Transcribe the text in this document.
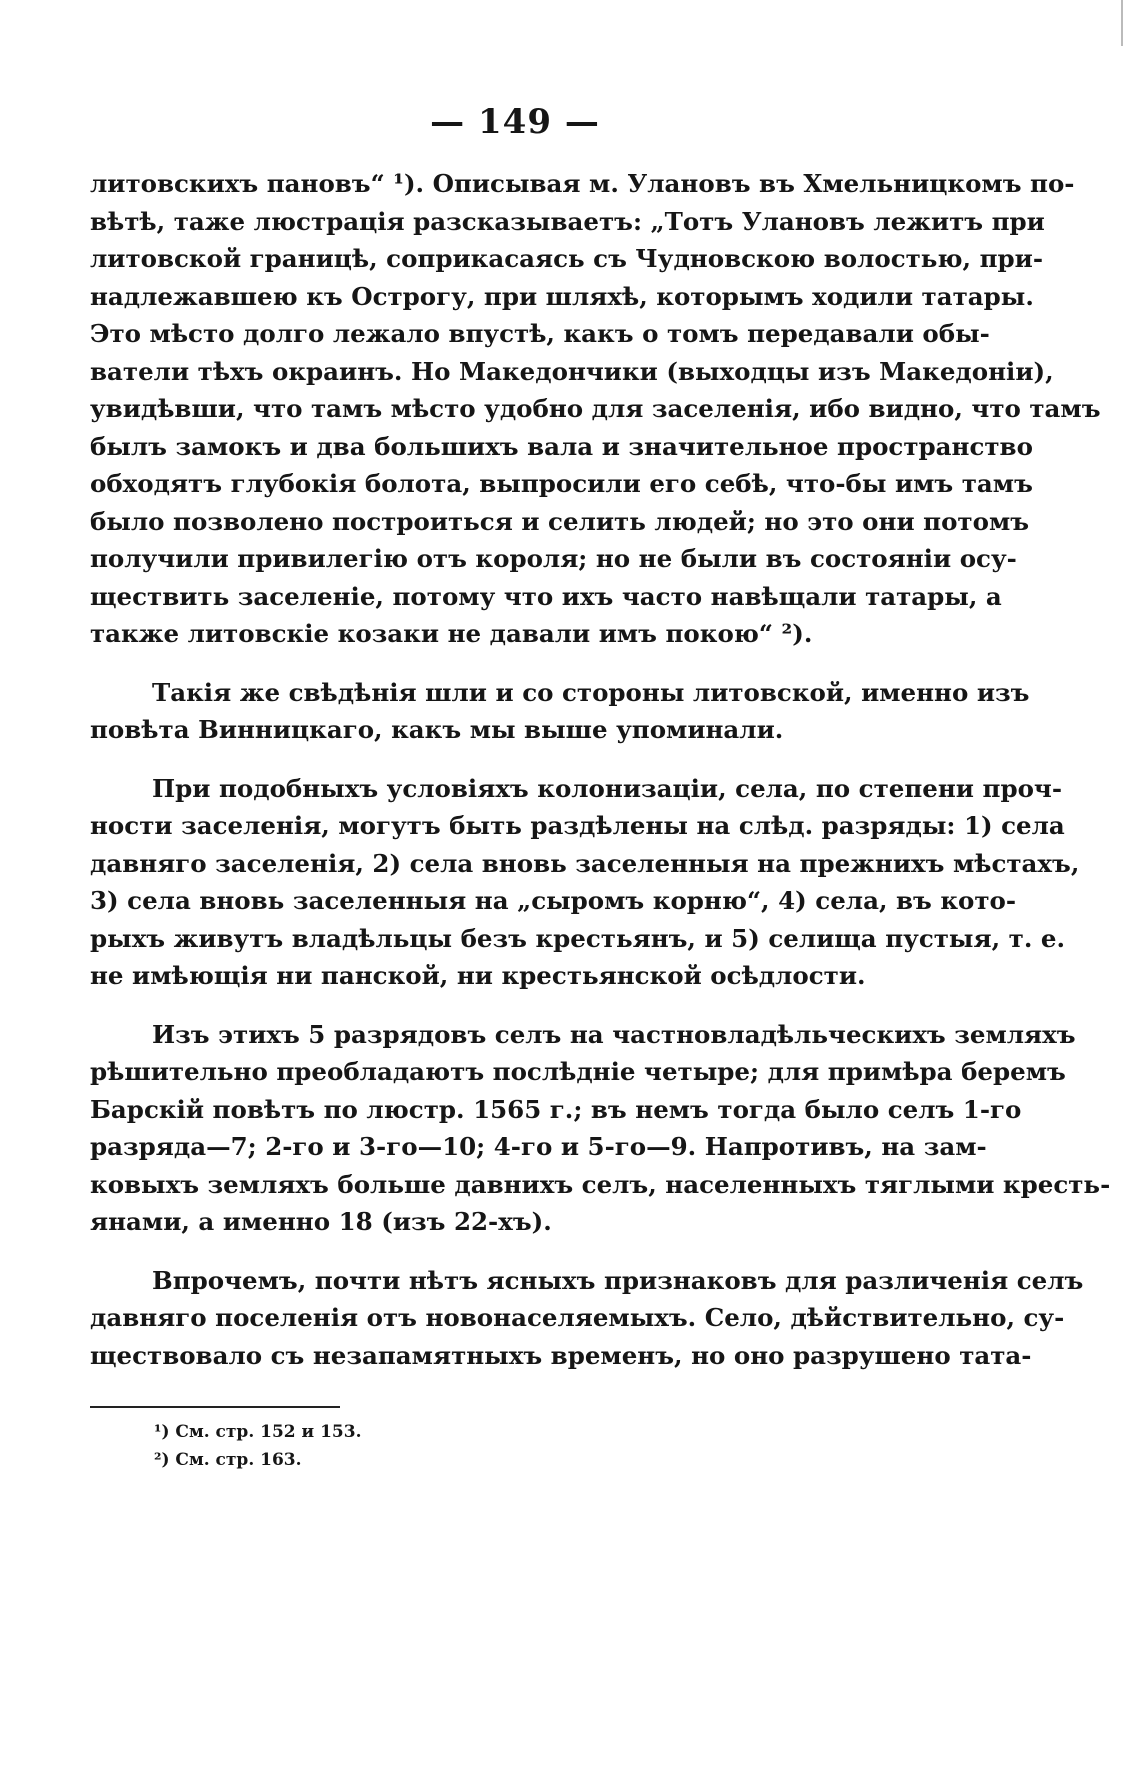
— 149 —
литовскихъ пановъ“ ¹). Описывая м. Улановъ въ Хмельницкомъ по-
вѣтѣ, таже люстрація разсказываетъ: „Тотъ Улановъ лежитъ при
литовской границѣ, соприкасаясь съ Чудновскою волостью, при-
надлежавшею къ Острогу, при шляхѣ, которымъ ходили татары.
Это мѣсто долго лежало впустѣ, какъ о томъ передавали обы-
ватели тѣхъ окраинъ. Но Македончики (выходцы изъ Македоніи),
увидѣвши, что тамъ мѣсто удобно для заселенія, ибо видно, что тамъ
былъ замокъ и два большихъ вала и значительное пространство
обходятъ глубокія болота, выпросили его себѣ, что-бы имъ тамъ
было позволено построиться и селить людей; но это они потомъ
получили привилегію отъ короля; но не были въ состояніи осу-
ществить заселеніе, потому что ихъ часто навѣщали татары, а
также литовскіе козаки не давали имъ покою“ ²).
Такія же свѣдѣнія шли и со стороны литовской, именно изъ
повѣта Винницкаго, какъ мы выше упоминали.
При подобныхъ условіяхъ колонизаціи, села, по степени проч-
ности заселенія, могутъ быть раздѣлены на слѣд. разряды: 1) села
давняго заселенія, 2) села вновь заселенныя на прежнихъ мѣстахъ,
3) села вновь заселенныя на „сыромъ корню“, 4) села, въ кото-
рыхъ живутъ владѣльцы безъ крестьянъ, и 5) селища пустыя, т. е.
не имѣющія ни панской, ни крестьянской осѣдлости.
Изъ этихъ 5 разрядовъ селъ на частновладѣльческихъ земляхъ
рѣшительно преобладаютъ послѣдніе четыре; для примѣра беремъ
Барскій повѣтъ по люстр. 1565 г.; въ немъ тогда было селъ 1-го
разряда—7; 2-го и 3-го—10; 4-го и 5-го—9. Напротивъ, на зам-
ковыхъ земляхъ больше давнихъ селъ, населенныхъ тяглыми кресть-
янами, а именно 18 (изъ 22-хъ).
Впрочемъ, почти нѣтъ ясныхъ признаковъ для различенія селъ
давняго поселенія отъ новонаселяемыхъ. Село, дѣйствительно, су-
ществовало съ незапамятныхъ временъ, но оно разрушено тата-
¹) См. стр. 152 и 153.
²) См. стр. 163.
